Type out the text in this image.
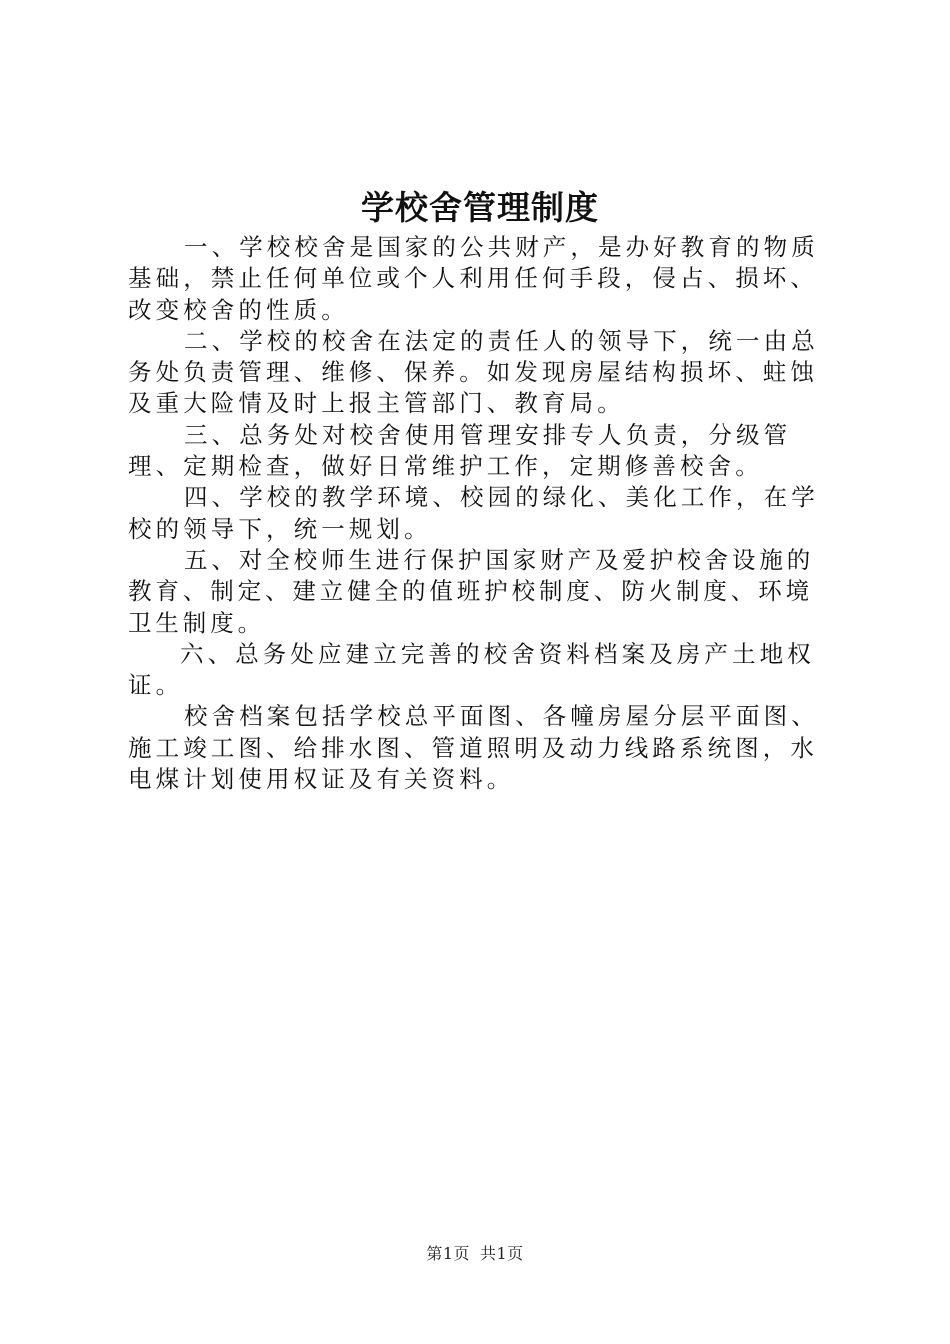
学校舍管理制度

一、学校校舍是国家的公共财产，是办好教育的物质基础，禁止任何单位或个人利用任何手段，侵占、损坏、改变校舍的性质。

二、学校的校舍在法定的责任人的领导下，统一由总务处负责管理、维修、保养。如发现房屋结构损坏、蛀蚀及重大险情及时上报主管部门、教育局。

三、总务处对校舍使用管理安排专人负责，分级管理、定期检查，做好日常维护工作，定期修善校舍。

四、学校的教学环境、校园的绿化、美化工作，在学校的领导下，统一规划。

五、对全校师生进行保护国家财产及爱护校舍设施的教育、制定、建立健全的值班护校制度、防火制度、环境卫生制度。

六、总务处应建立完善的校舍资料档案及房产土地权证。

校舍档案包括学校总平面图、各幢房屋分层平面图、施工竣工图、给排水图、管道照明及动力线路系统图，水电煤计划使用权证及有关资料。

第1页 共1页
